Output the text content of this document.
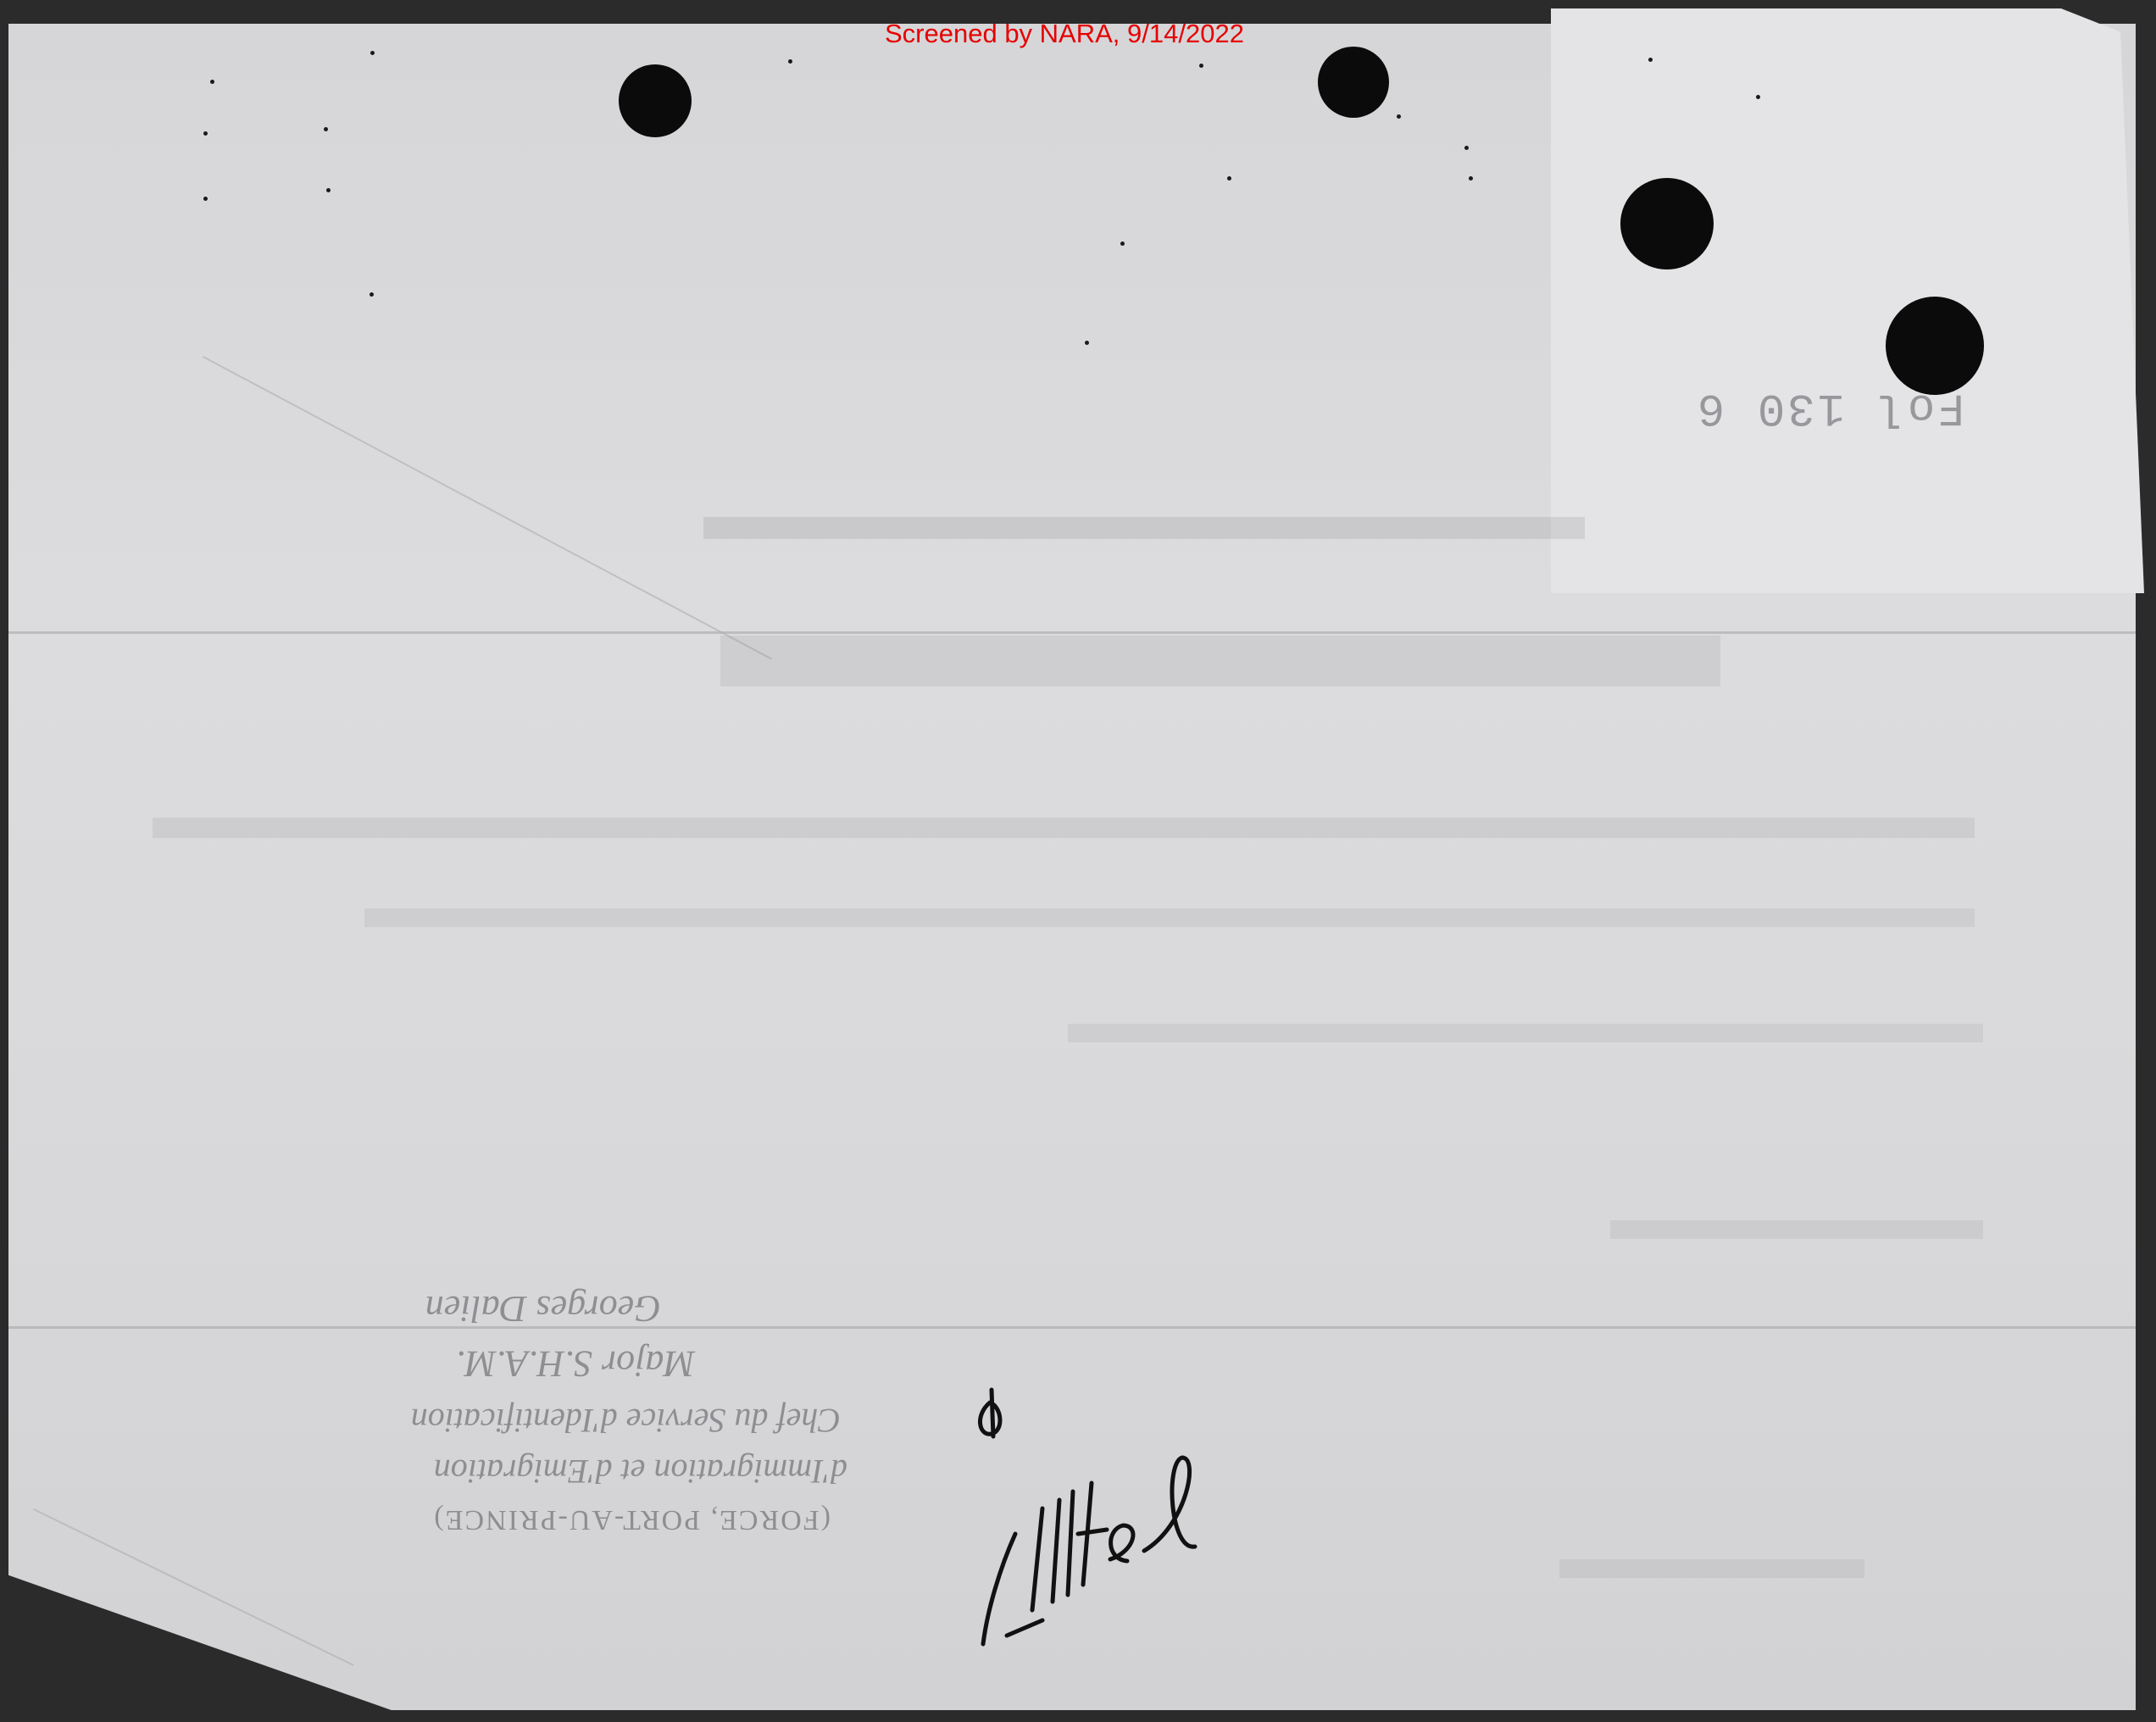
Screened by NARA, 9/14/2022
Fol 130 6
(FORCE, PORT-AU-PRINCE)
d'Immigration et d'Emigration
Chef du Service d'Identification
Major S.H.A.M.
Georges Dalien
